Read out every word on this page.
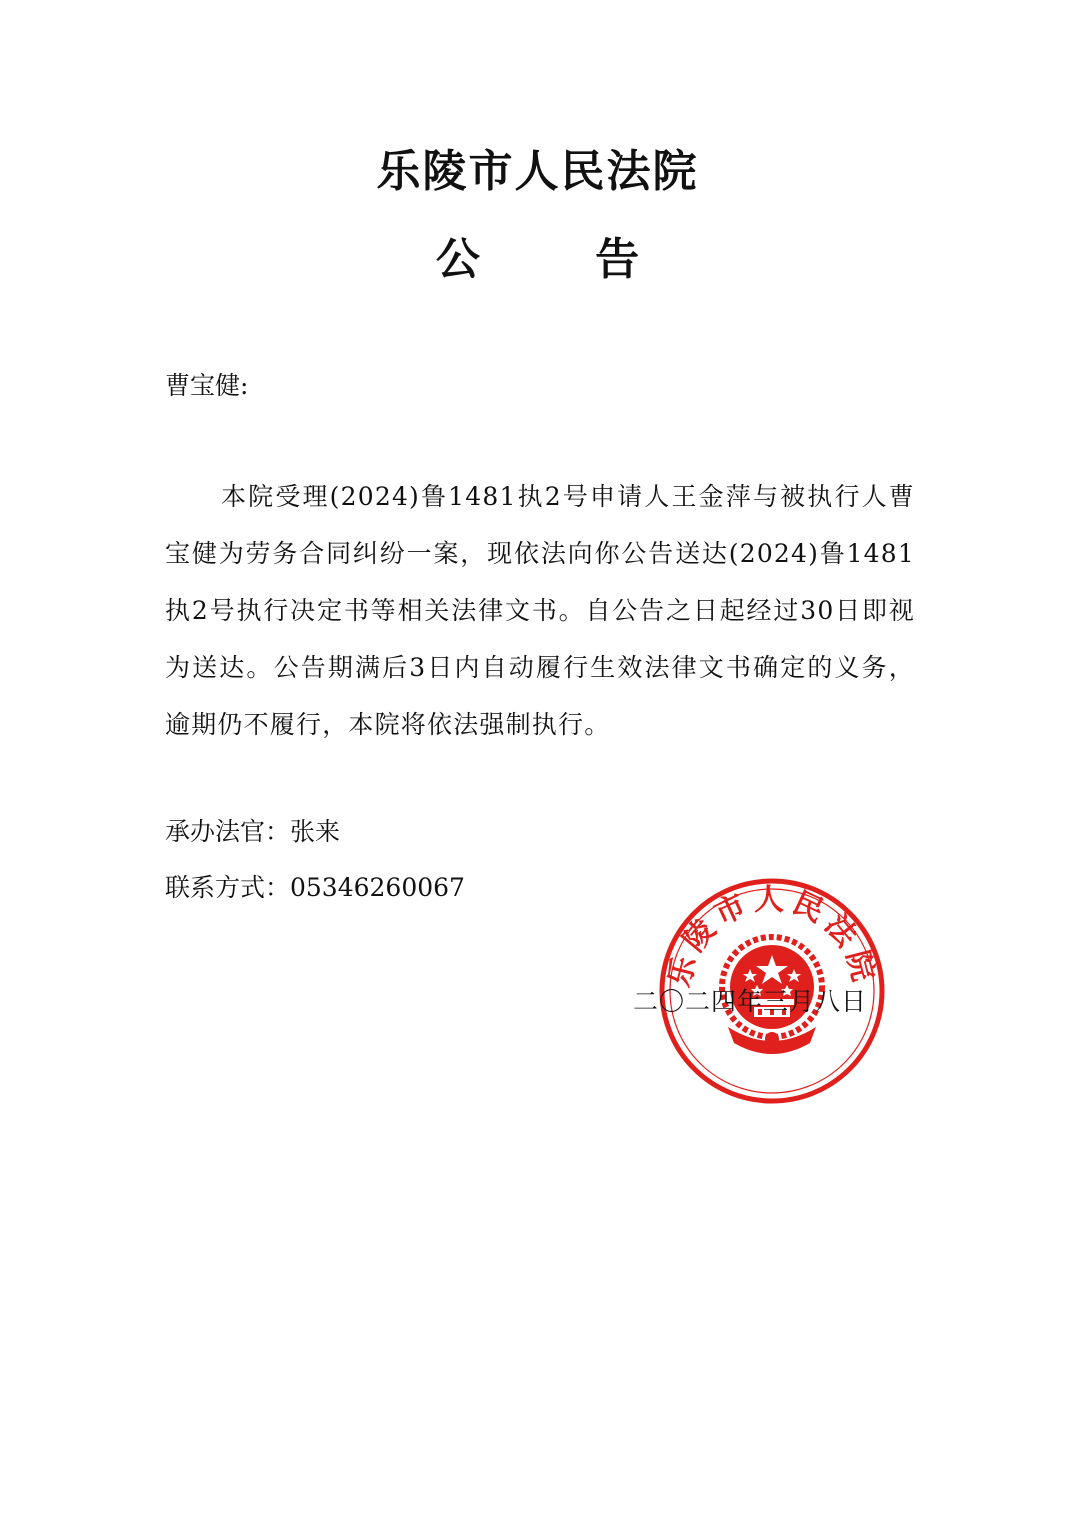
乐陵市人民法院
公 告
曹宝健:
本院受理(2024)鲁1481执2号申请人王金萍与被执行人曹宝健为劳务合同纠纷一案，现依法向你公告送达(2024)鲁1481执2号执行决定书等相关法律文书。自公告之日起经过30日即视为送达。公告期满后3日内自动履行生效法律文书确定的义务，逾期仍不履行，本院将依法强制执行。
承办法官：张来
联系方式：05346260067
乐陵市人民法院
二〇二四年三月八日
